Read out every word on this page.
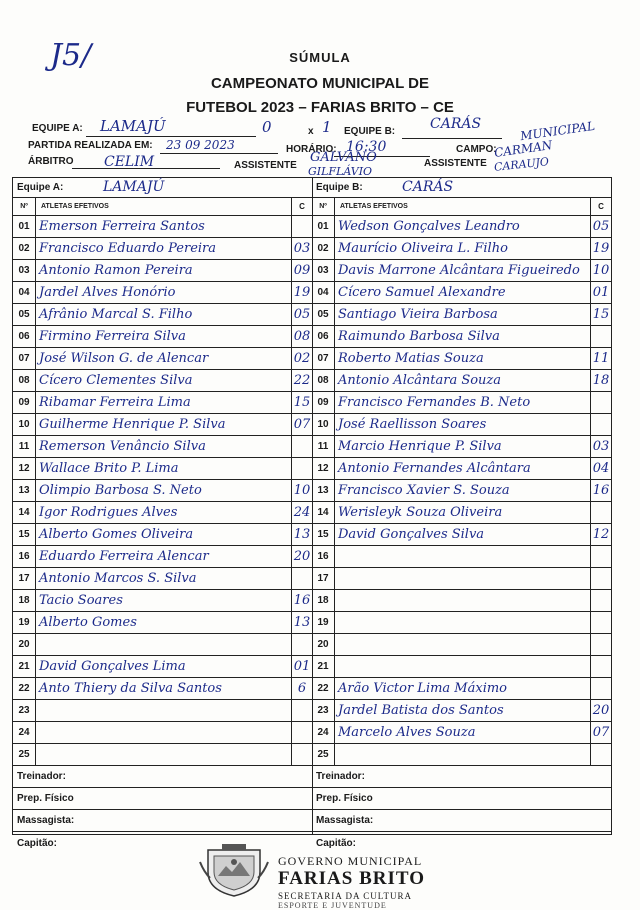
J5/	SÚMULA
CAMPEONATO MUNICIPAL DE
FUTEBOL 2023 – FARIAS BRITO – CE
EQUIPE A: LAMAJÚ	0	x 1 EQUIPE B: CARÁS
PARTIDA REALIZADA EM: 23 09 2023	HORÁRIO: 16:30	CAMPO:
MUNICIPAL
ÁRBITRO CELIM	ASSISTENTE
GALVANO
GILFLÁVIO
ASSISTENTE
CARMAN
CARAUJO
Equipe A:	LAMAJÚ
Nº	ATLETAS EFETIVOS	C
01 Emerson Ferreira Santos
02 Francisco Eduardo Pereira	03
03 Antonio Ramon Pereira	09
04 Jardel Alves Honório	19
05 Afrânio Marcal S. Filho	05
06 Firmino Ferreira Silva	08
07 José Wilson G. de Alencar	02
08 Cícero Clementes Silva	22
09 Ribamar Ferreira Lima	15
10 Guilherme Henrique P. Silva	07
11 Remerson Venâncio Silva
12 Wallace Brito P. Lima
13 Olimpio Barbosa S. Neto	10
14 Igor Rodrigues Alves	24
15 Alberto Gomes Oliveira	13
16 Eduardo Ferreira Alencar	20
17 Antonio Marcos S. Silva
18 Tacio Soares	16
19 Alberto Gomes	13
20
21 David Gonçalves Lima	01
22 Anto Thiery da Silva Santos	6
23
24
25
Treinador:
Prep. Físico
Massagista:
Capitão:
Equipe B:	CARÁS
Nº	ATLETAS EFETIVOS	C
01 Wedson Gonçalves Leandro	05
02 Maurício Oliveira L. Filho	19
03 Davis Marrone Alcântara Figueiredo 10
04 Cícero Samuel Alexandre	01
05 Santiago Vieira Barbosa	15
06 Raimundo Barbosa Silva
07 Roberto Matias Souza	11
08 Antonio Alcântara Souza	18
09 Francisco Fernandes B. Neto
10 José Raellisson Soares
11 Marcio Henrique P. Silva	03
12 Antonio Fernandes Alcântara	04
13 Francisco Xavier S. Souza	16
14 Werisleyk Souza Oliveira
15 David Gonçalves Silva	12
16
17
18
19
20
21
22 Arão Victor Lima Máximo
23 Jardel Batista dos Santos	20
24 Marcelo Alves Souza	07
25
Treinador:
Prep. Físico
Massagista:
Capitão:
GOVERNO MUNICIPAL
FARIAS BRITO
SECRETARIA DA CULTURA
ESPORTE E JUVENTUDE
